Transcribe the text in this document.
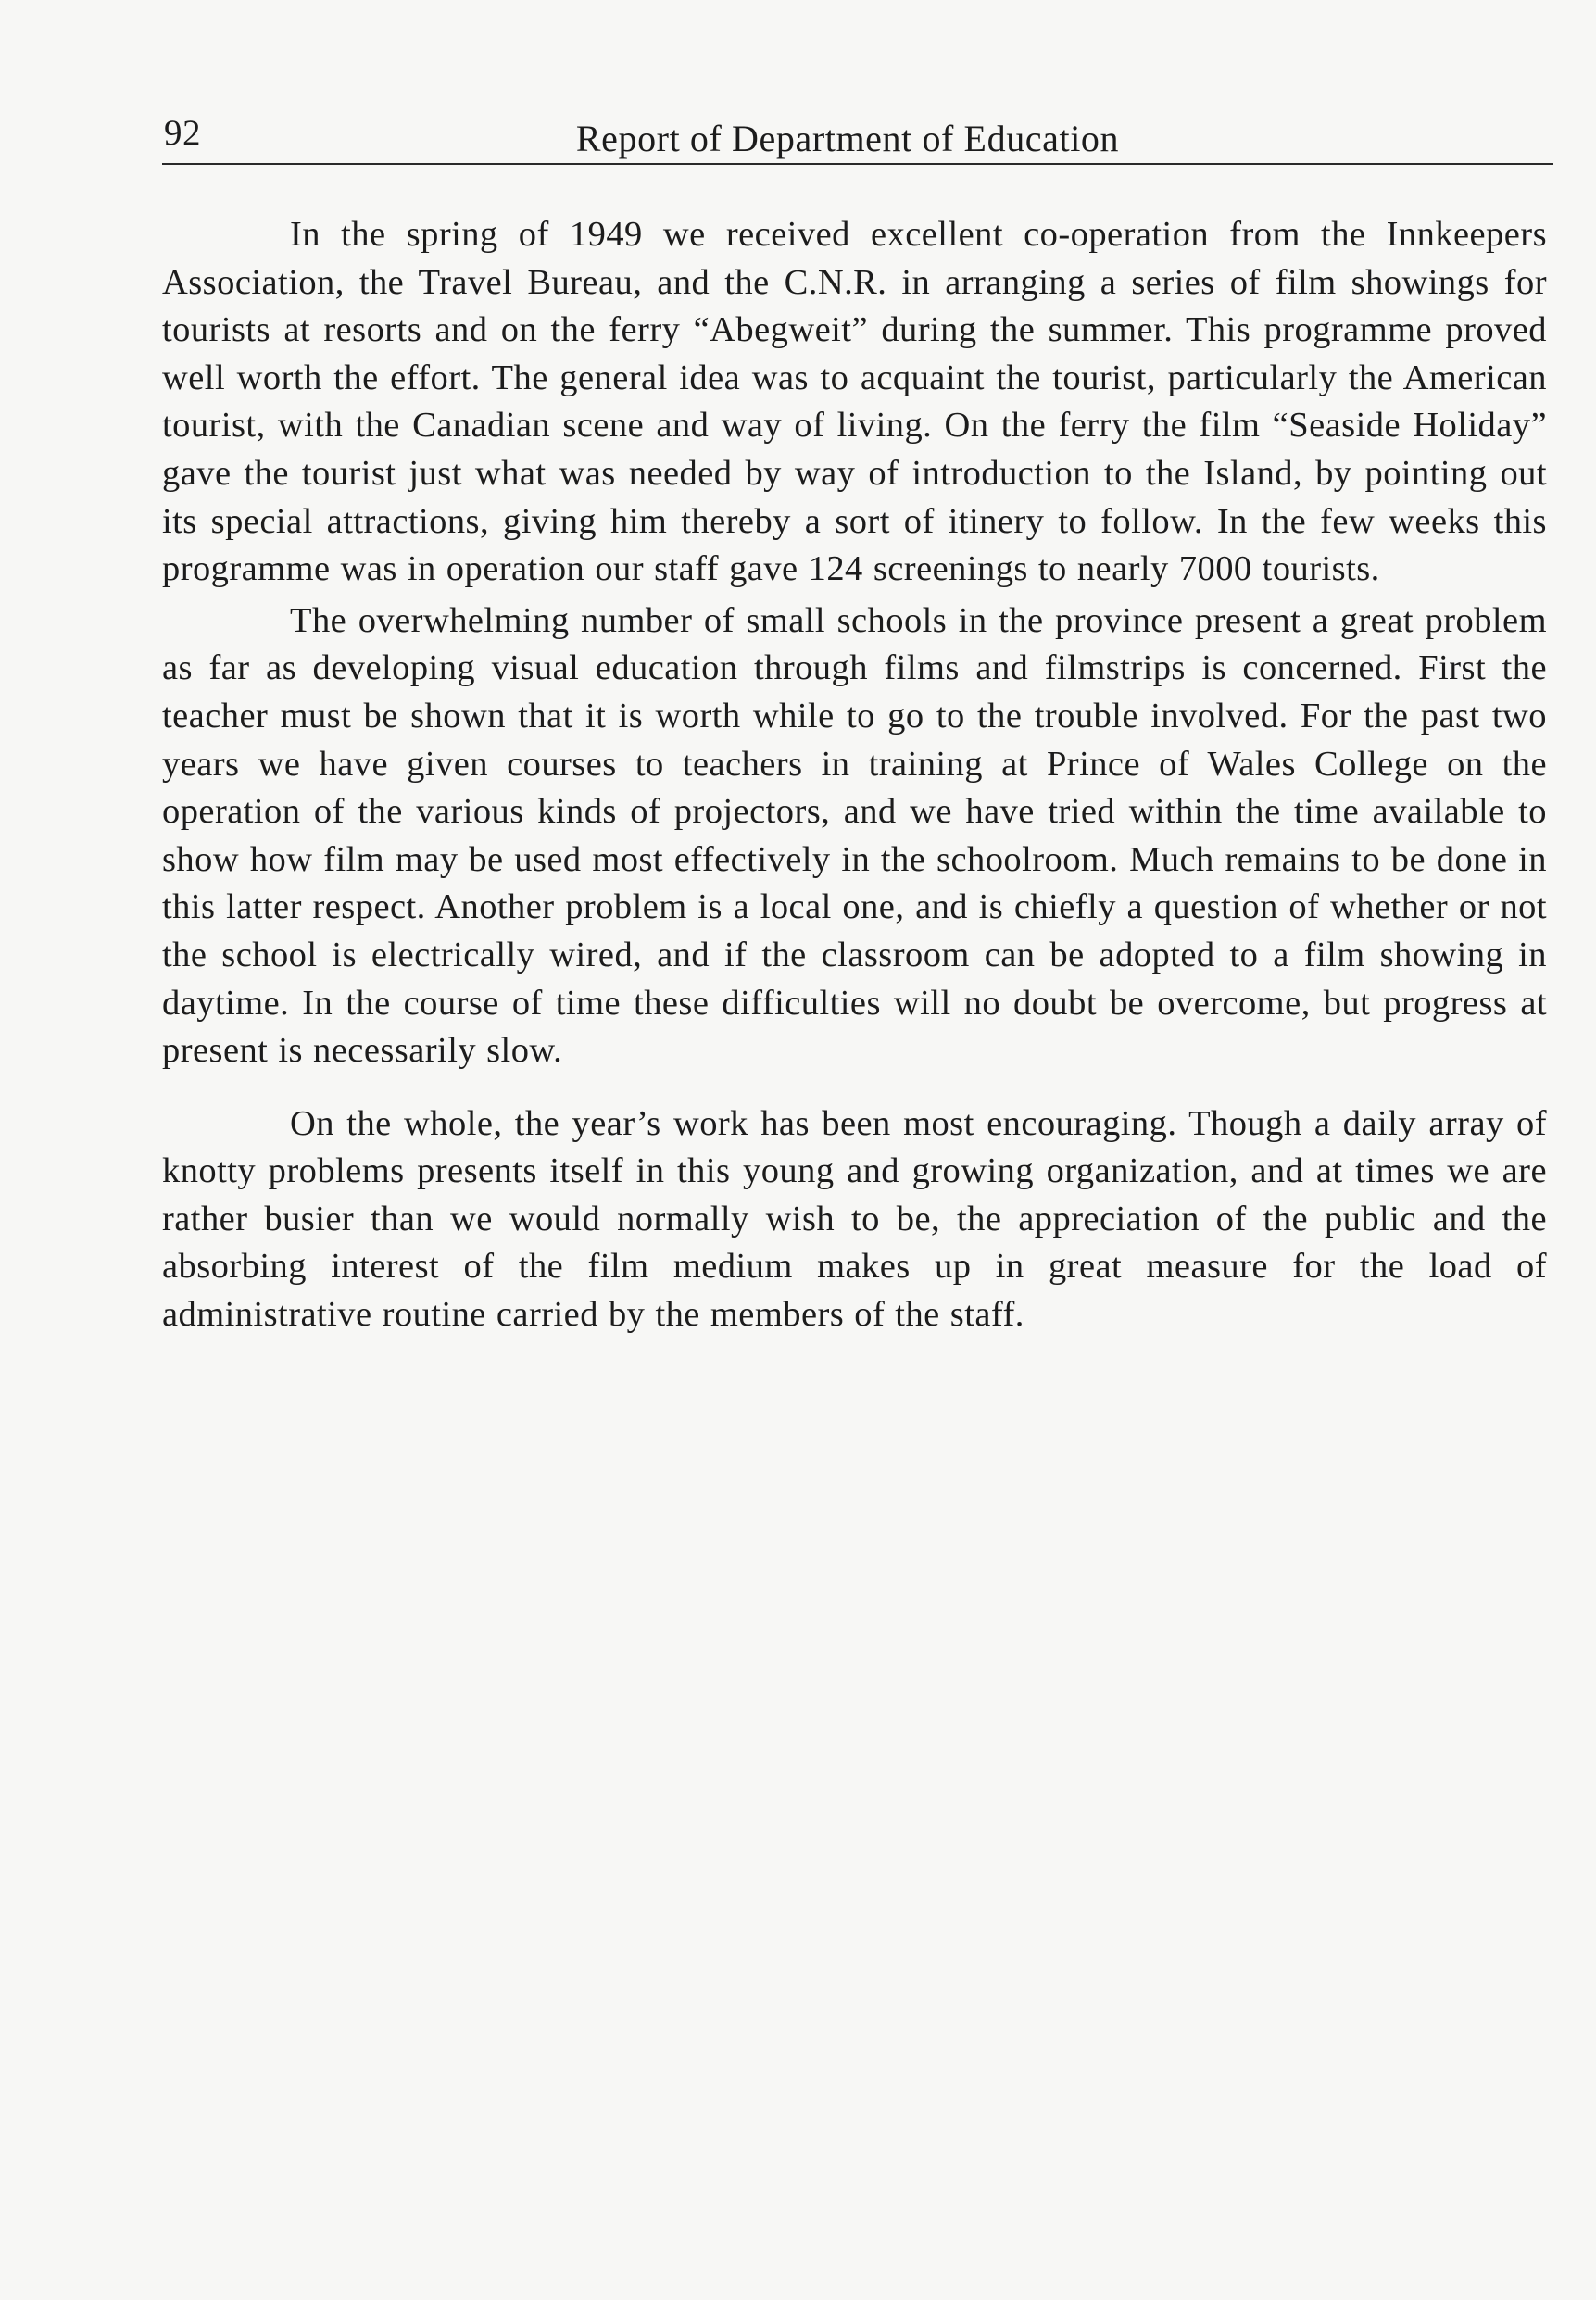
92	Report of Department of Education

In the spring of 1949 we received excellent co-operation from the Innkeepers Association, the Travel Bureau, and the C.N.R. in arranging a series of film showings for tourists at resorts and on the ferry “Abegweit” during the summer. This programme proved well worth the effort. The general idea was to acquaint the tourist, particularly the American tourist, with the Canadian scene and way of living. On the ferry the film “Seaside Holiday” gave the tourist just what was needed by way of introduction to the Island, by pointing out its special attractions, giving him thereby a sort of itinery to follow. In the few weeks this programme was in operation our staff gave 124 screenings to nearly 7000 tourists.

The overwhelming number of small schools in the province present a great problem as far as developing visual education through films and filmstrips is concerned. First the teacher must be shown that it is worth while to go to the trouble involved. For the past two years we have given courses to teachers in training at Prince of Wales College on the operation of the various kinds of projectors, and we have tried within the time available to show how film may be used most effectively in the schoolroom. Much remains to be done in this latter respect. Another problem is a local one, and is chiefly a question of whether or not the school is electrically wired, and if the classroom can be adopted to a film showing in daytime. In the course of time these difficulties will no doubt be overcome, but progress at present is necessarily slow.

On the whole, the year’s work has been most encouraging. Though a daily array of knotty problems presents itself in this young and growing organization, and at times we are rather busier than we would normally wish to be, the appreciation of the public and the absorbing interest of the film medium makes up in great measure for the load of administrative routine carried by the members of the staff.
